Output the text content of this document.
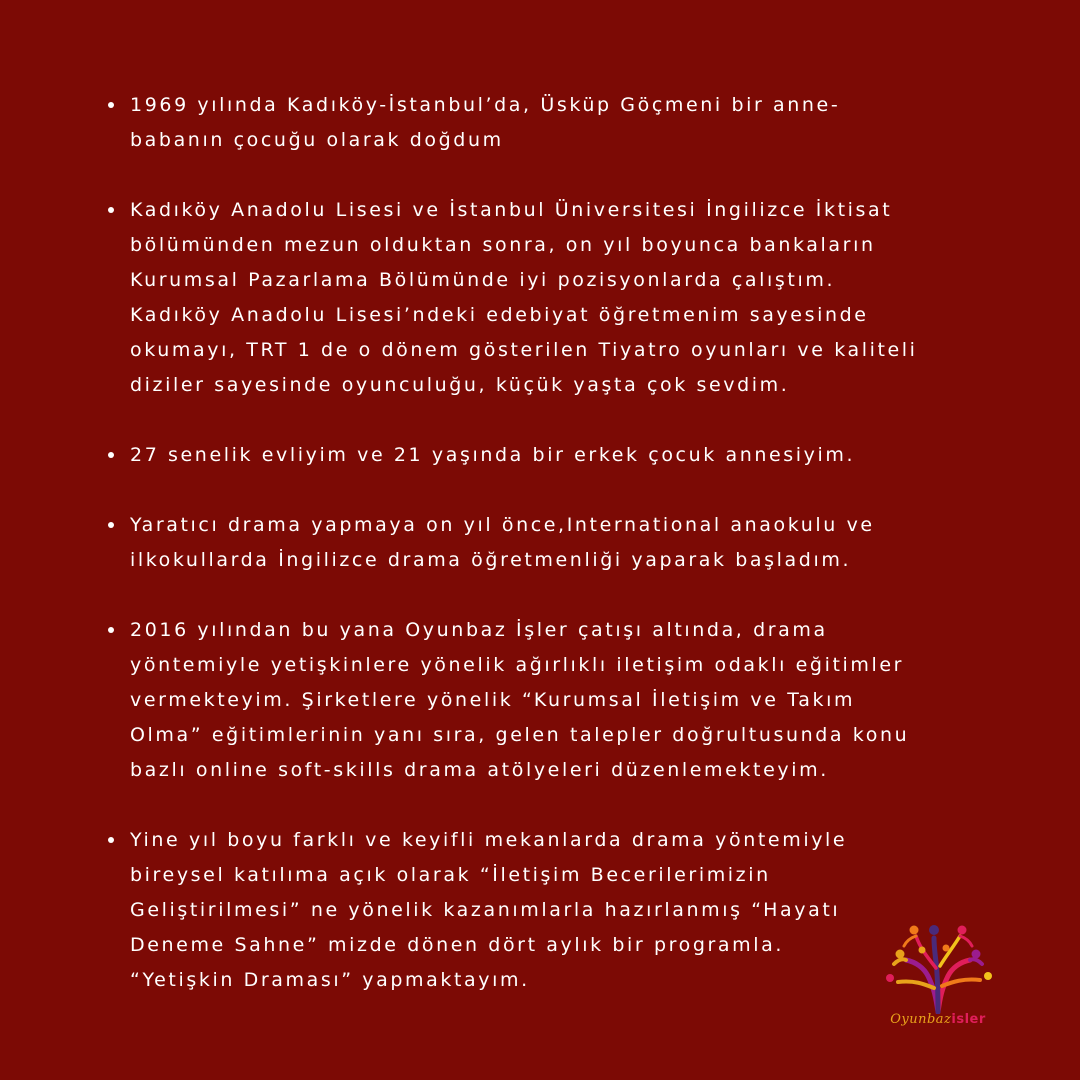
1969 yılında Kadıköy-İstanbul’da, Üsküp Göçmeni bir anne-
babanın çocuğu olarak doğdum
Kadıköy Anadolu Lisesi ve İstanbul Üniversitesi İngilizce İktisat
bölümünden mezun olduktan sonra, on yıl boyunca bankaların
Kurumsal Pazarlama Bölümünde iyi pozisyonlarda çalıştım.
Kadıköy Anadolu Lisesi’ndeki edebiyat öğretmenim sayesinde
okumayı, TRT 1 de o dönem gösterilen Tiyatro oyunları ve kaliteli
diziler sayesinde oyunculuğu, küçük yaşta çok sevdim.
27 senelik evliyim ve 21 yaşında bir erkek çocuk annesiyim.
Yaratıcı drama yapmaya on yıl önce,International anaokulu ve
ilkokullarda İngilizce drama öğretmenliği yaparak başladım.
2016 yılından bu yana Oyunbaz İşler çatışı altında, drama
yöntemiyle yetişkinlere yönelik ağırlıklı iletişim odaklı eğitimler
vermekteyim. Şirketlere yönelik “Kurumsal İletişim ve Takım
Olma” eğitimlerinin yanı sıra, gelen talepler doğrultusunda konu
bazlı online soft-skills drama atölyeleri düzenlemekteyim.
Yine yıl boyu farklı ve keyifli mekanlarda drama yöntemiyle
bireysel katılıma açık olarak “İletişim Becerilerimizin
Geliştirilmesi” ne yönelik kazanımlarla hazırlanmış “Hayatı
Deneme Sahne” mizde dönen dört aylık bir programla.
“Yetişkin Draması” yapmaktayım.
Oyunbazisler
